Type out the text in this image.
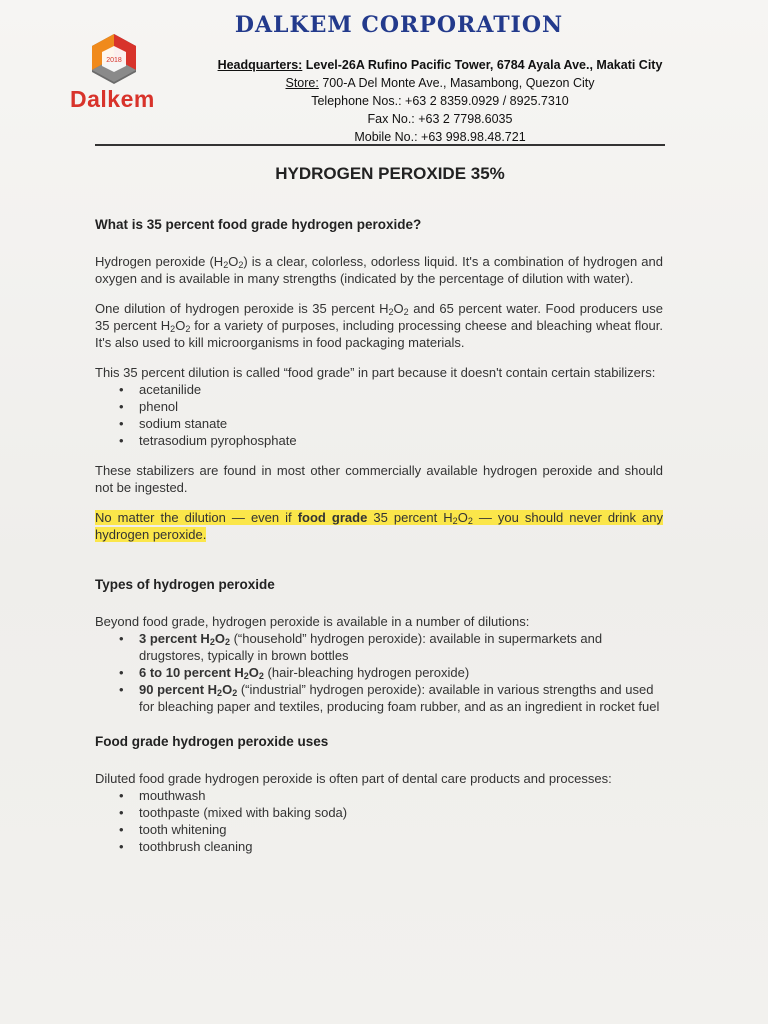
2018
Dalkem
DALKEM CORPORATION
Headquarters: Level-26A Rufino Pacific Tower, 6784 Ayala Ave., Makati City
Store: 700-A Del Monte Ave., Masambong, Quezon City
Telephone Nos.: +63 2 8359.0929 / 8925.7310
Fax No.: +63 2 7798.6035
Mobile No.: +63 998.98.48.721
HYDROGEN PEROXIDE 35%
What is 35 percent food grade hydrogen peroxide?

Hydrogen peroxide $(H_2O_2)$ is a clear, colorless, odorless liquid. It's a combination of hydrogen and oxygen and is available in many strengths (indicated by the percentage of dilution with water).

One dilution of hydrogen peroxide is 35 percent $H_2O_2$ and 65 percent water. Food producers use 35 percent $H_2O_2$ for a variety of purposes, including processing cheese and bleaching wheat flour. It's also used to kill microorganisms in food packaging materials.

This 35 percent dilution is called “food grade” in part because it doesn't contain certain stabilizers:

• acetanilide
• phenol
• sodium stanate
• tetrasodium pyrophosphate

These stabilizers are found in most other commercially available hydrogen peroxide and should not be ingested.

No matter the dilution — even if food grade 35 percent $H_2O_2$ — you should never drink any hydrogen peroxide.

Types of hydrogen peroxide

Beyond food grade, hydrogen peroxide is available in a number of dilutions:

• 3 percent $H_2O_2$ (“household” hydrogen peroxide): available in supermarkets and drugstores, typically in brown bottles
• 6 to 10 percent $H_2O_2$ (hair-bleaching hydrogen peroxide)
• 90 percent $H_2O_2$ (“industrial” hydrogen peroxide): available in various strengths and used for bleaching paper and textiles, producing foam rubber, and as an ingredient in rocket fuel
Food grade hydrogen peroxide uses

Diluted food grade hydrogen peroxide is often part of dental care products and processes:

• mouthwash
• toothpaste (mixed with baking soda)
• tooth whitening
• toothbrush cleaning
